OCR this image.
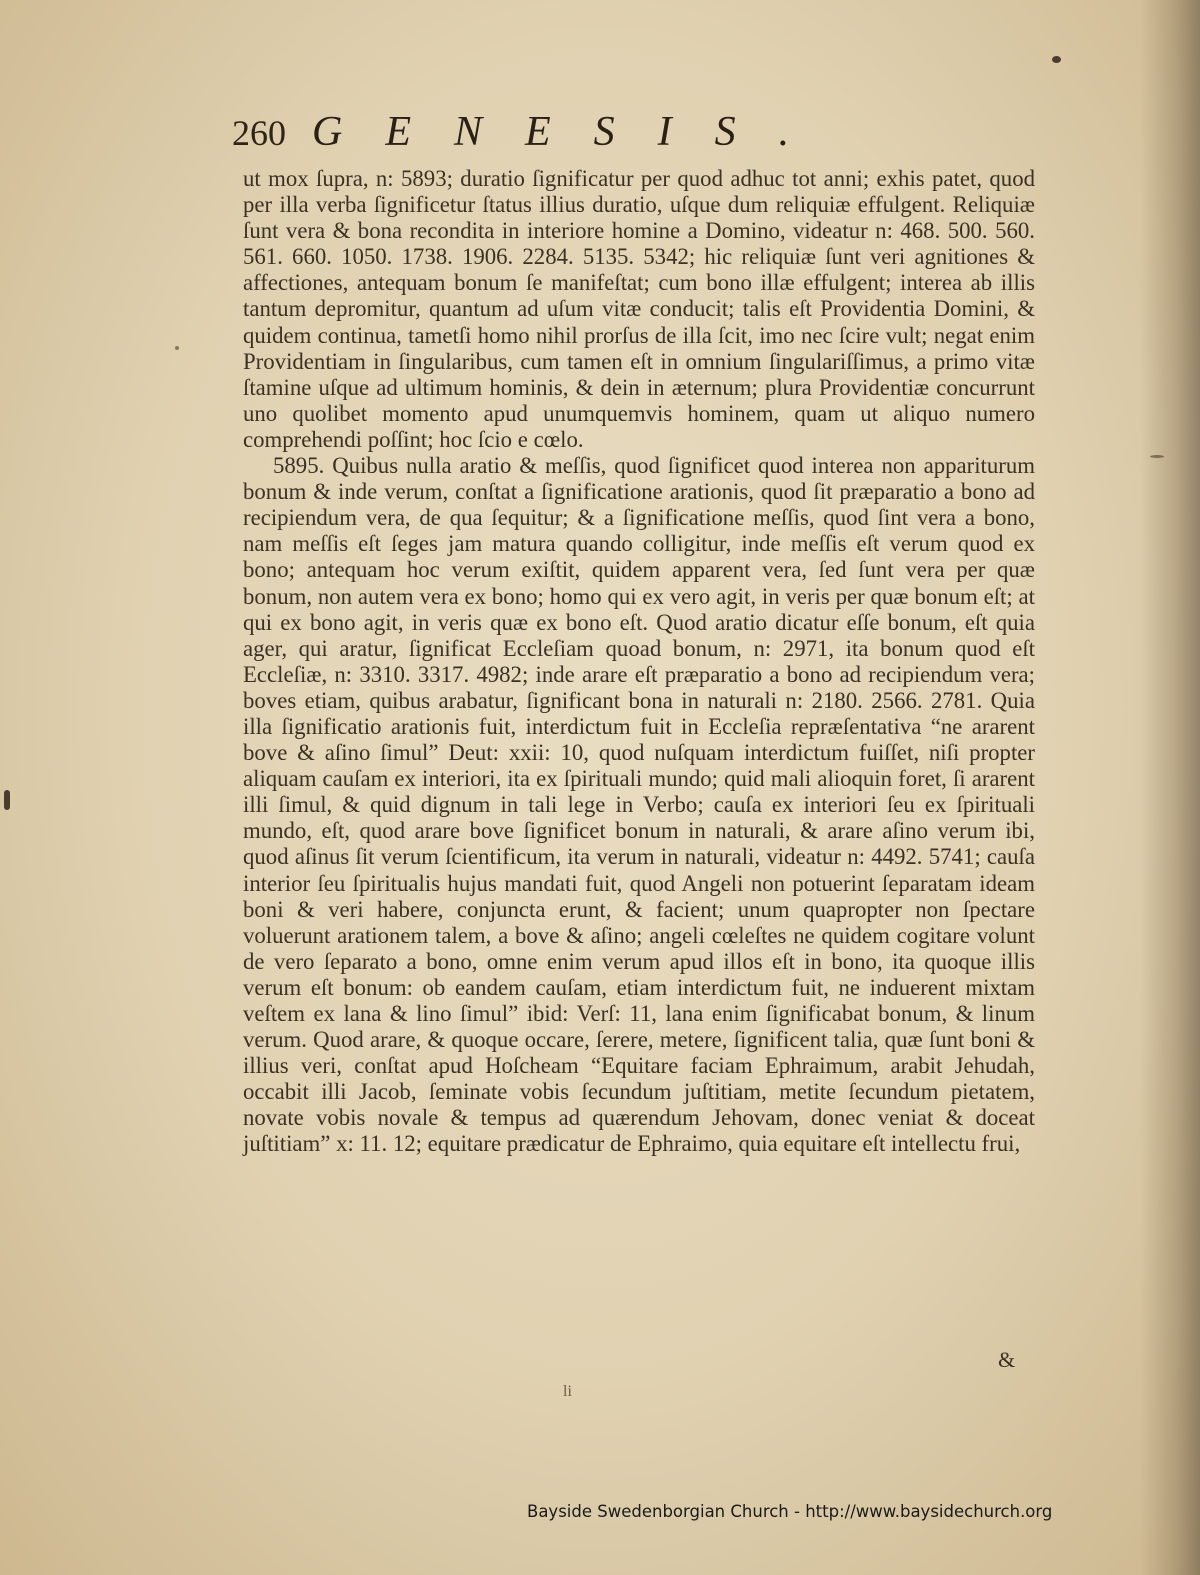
260 GENESIS.

ut mox ſupra, n: 5893; duratio ſignificatur per quod adhuc tot anni; exhis patet, quod per illa verba ſignificetur ſtatus illius duratio, uſque dum reliquiæ effulgent. Reliquiæ ſunt vera & bona recondita in interiore homine a Domino, videatur n: 468. 500. 560. 561. 660. 1050. 1738. 1906. 2284. 5135. 5342; hic reliquiæ ſunt veri agnitiones & affectiones, antequam bonum ſe manifeſtat; cum bono illæ effulgent; interea ab illis tantum depromitur, quantum ad uſum vitæ conducit; talis eſt Providentia Domini, & quidem continua, tametſi homo nihil prorſus de illa ſcit, imo nec ſcire vult; negat enim Providentiam in ſingularibus, cum tamen eſt in omnium ſingulariſſimus, a primo vitæ ſtamine uſque ad ultimum hominis, & dein in æternum; plura Providentiæ concurrunt uno quolibet momento apud unumquemvis hominem, quam ut aliquo numero comprehendi poſſint; hoc ſcio e cœlo.

5895. Quibus nulla aratio & meſſis, quod ſignificet quod interea non appariturum bonum & inde verum, conſtat a ſignificatione arationis, quod ſit præparatio a bono ad recipiendum vera, de qua ſequitur; & a ſignificatione meſſis, quod ſint vera a bono, nam meſſis eſt ſeges jam matura quando colligitur, inde meſſis eſt verum quod ex bono; antequam hoc verum exiſtit, quidem apparent vera, ſed ſunt vera per quæ bonum, non autem vera ex bono; homo qui ex vero agit, in veris per quæ bonum eſt; at qui ex bono agit, in veris quæ ex bono eſt. Quod aratio dicatur eſſe bonum, eſt quia ager, qui aratur, ſignificat Eccleſiam quoad bonum, n: 2971, ita bonum quod eſt Eccleſiæ, n: 3310. 3317. 4982; inde arare eſt præparatio a bono ad recipiendum vera; boves etiam, quibus arabatur, ſignificant bona in naturali n: 2180. 2566. 2781. Quia illa ſignificatio arationis fuit, interdictum fuit in Eccleſia repræſentativa “ne ararent bove & aſino ſimul” Deut: xxii: 10, quod nuſquam interdictum fuiſſet, niſi propter aliquam cauſam ex interiori, ita ex ſpirituali mundo; quid mali alioquin foret, ſi ararent illi ſimul, & quid dignum in tali lege in Verbo; cauſa ex interiori ſeu ex ſpirituali mundo, eſt, quod arare bove ſignificet bonum in naturali, & arare aſino verum ibi, quod aſinus ſit verum ſcientificum, ita verum in naturali, videatur n: 4492. 5741; cauſa interior ſeu ſpiritualis hujus mandati fuit, quod Angeli non potuerint ſeparatam ideam boni & veri habere, conjuncta erunt, & facient; unum quapropter non ſpectare voluerunt arationem talem, a bove & aſino; angeli cœleſtes ne quidem cogitare volunt de vero ſeparato a bono, omne enim verum apud illos eſt in bono, ita quoque illis verum eſt bonum: ob eandem cauſam, etiam interdictum fuit, ne induerent mixtam veſtem ex lana & lino ſimul” ibid: Verſ: 11, lana enim ſignificabat bonum, & linum verum. Quod arare, & quoque occare, ſerere, metere, ſignificent talia, quæ ſunt boni & illius veri, conſtat apud Hoſcheam “Equitare faciam Ephraimum, arabit Jehudah, occabit illi Jacob, ſeminate vobis ſecundum juſtitiam, metite ſecundum pietatem, novate vobis novale & tempus ad quærendum Jehovam, donec veniat & doceat juſtitiam” x: 11. 12; equitare prædicatur de Ephraimo, quia equitare eſt intellectu frui,

&
li
Bayside Swedenborgian Church - http://www.baysidechurch.org
